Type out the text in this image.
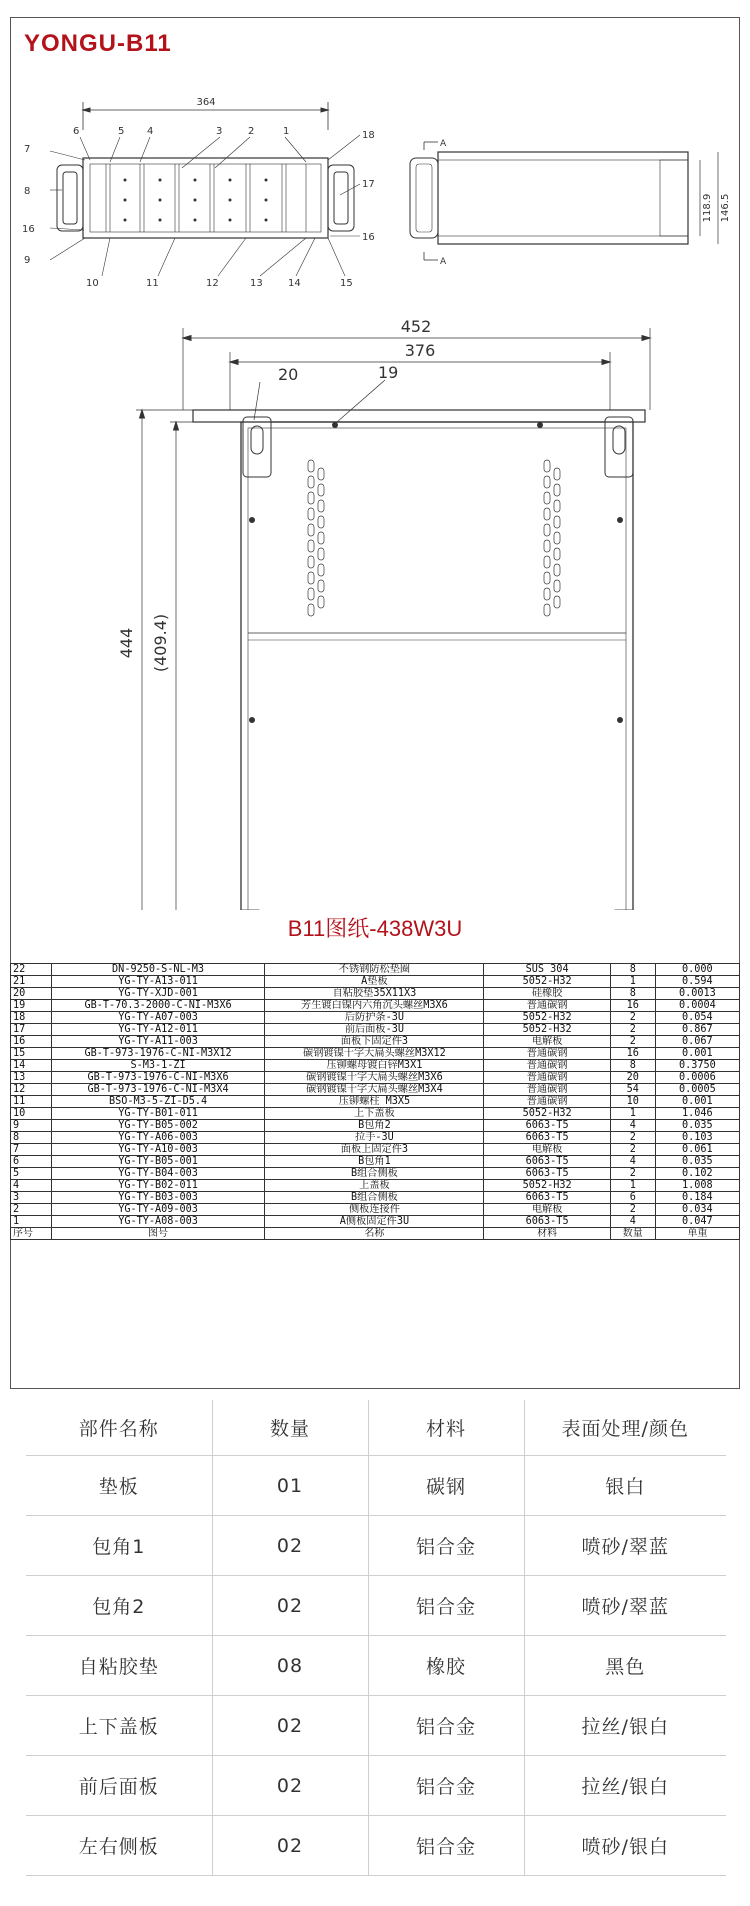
YONGU-B11
364
6	5 4	3	2	1	18
7
8
16
9
10	11	12	13	14	15
17
16
A
A
118.9 146.5
452
376
444 (409.4)
20	19
B11图纸-438W3U
22	DN-9250-S-NL-M3	不锈钢防松垫圈	SUS 304	8	0.000
21	YG-TY-A13-011	A垫板	5052-H32	1	0.594
20	YG-TY-XJD-001	自粘胶垫35X11X3	硅橡胶	8	0.0013
19	GB-T-70.3-2000-C-NI-M3X6	芳生镀白镍内六角沉头螺丝M3X6	普通碳钢	16	0.0004
18	YG-TY-A07-003	后防护条-3U	5052-H32	2	0.054
17	YG-TY-A12-011	前后面板-3U	5052-H32	2	0.867
16	YG-TY-A11-003	面板下固定件3	电解板	2	0.067
15	GB-T-973-1976-C-NI-M3X12	碳钢镀镍十字大扁头螺丝M3X12	普通碳钢	16	0.001
14	S-M3-1-ZI	压铆螺母镀白锌M3X1	普通碳钢	8	0.3750
13	GB-T-973-1976-C-NI-M3X6	碳钢镀镍十字大扁头螺丝M3X6	普通碳钢	20	0.0006
12	GB-T-973-1976-C-NI-M3X4	碳钢镀镍十字大扁头螺丝M3X4	普通碳钢	54	0.0005
11	BSO-M3-5-ZI-D5.4	压铆螺柱 M3X5	普通碳钢	10	0.001
10	YG-TY-B01-011	上下盖板	5052-H32	1	1.046
9	YG-TY-B05-002	B包角2	6063-T5	4	0.035
8	YG-TY-A06-003	拉手-3U	6063-T5	2	0.103
7	YG-TY-A10-003	面板上固定件3	电解板	2	0.061
6	YG-TY-B05-001	B包角1	6063-T5	4	0.035
5	YG-TY-B04-003	B组合侧板	6063-T5	2	0.102
4	YG-TY-B02-011	上盖板	5052-H32	1	1.008
3	YG-TY-B03-003	B组合侧板	6063-T5	6	0.184
2	YG-TY-A09-003	侧板连接件	电解板	2	0.034
1	YG-TY-A08-003	A侧板固定件3U	6063-T5	4	0.047
序号	图号	名称	材料	数量	单重
部件名称	数量	材料	表面处理/颜色
垫板	01	碳钢	银白
包角1	02	铝合金	喷砂/翠蓝
包角2	02	铝合金	喷砂/翠蓝
自粘胶垫	08	橡胶	黑色
上下盖板	02	铝合金	拉丝/银白
前后面板	02	铝合金	拉丝/银白
左右侧板	02	铝合金	喷砂/银白
